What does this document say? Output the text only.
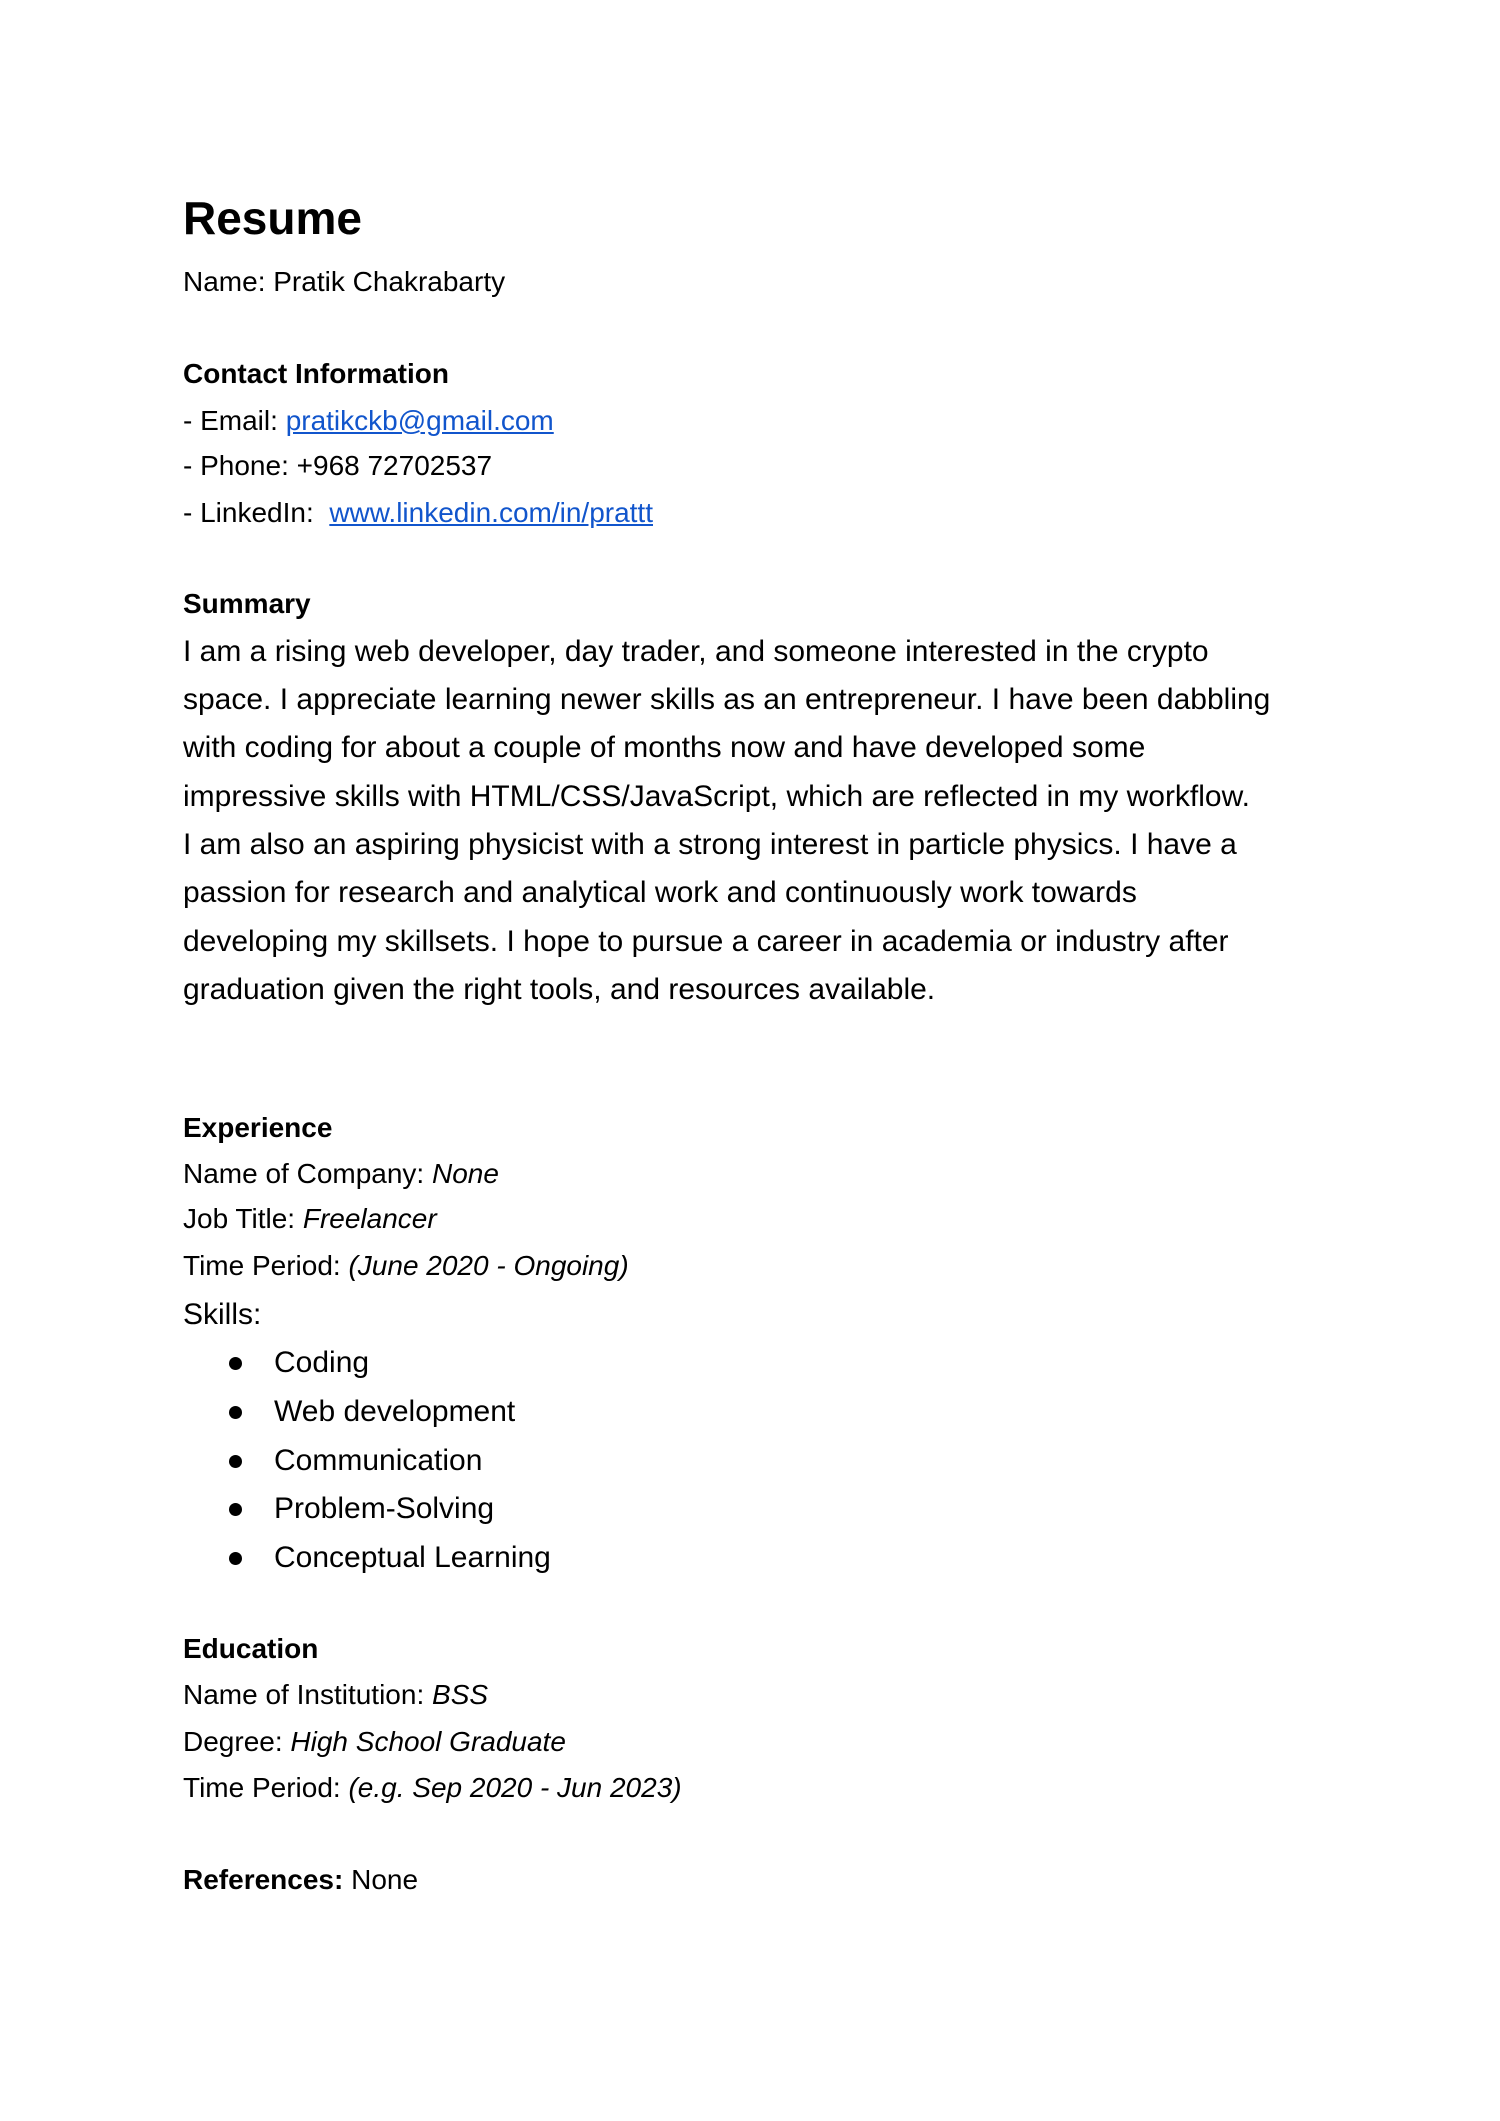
Resume
Name: Pratik Chakrabarty
Contact Information
- Email: pratikckb@gmail.com
- Phone: +968 72702537
- LinkedIn: www.linkedin.com/in/prattt
Summary
I am a rising web developer, day trader, and someone interested in the crypto
space. I appreciate learning newer skills as an entrepreneur. I have been dabbling
with coding for about a couple of months now and have developed some
impressive skills with HTML/CSS/JavaScript, which are reflected in my workflow.
I am also an aspiring physicist with a strong interest in particle physics. I have a
passion for research and analytical work and continuously work towards
developing my skillsets. I hope to pursue a career in academia or industry after
graduation given the right tools, and resources available.
Experience
Name of Company: None
Job Title: Freelancer
Time Period: (June 2020 - Ongoing)
Skills:
Coding
Web development
Communication
Problem-Solving
Conceptual Learning
Education
Name of Institution: BSS
Degree: High School Graduate
Time Period: (e.g. Sep 2020 - Jun 2023)
References: None
